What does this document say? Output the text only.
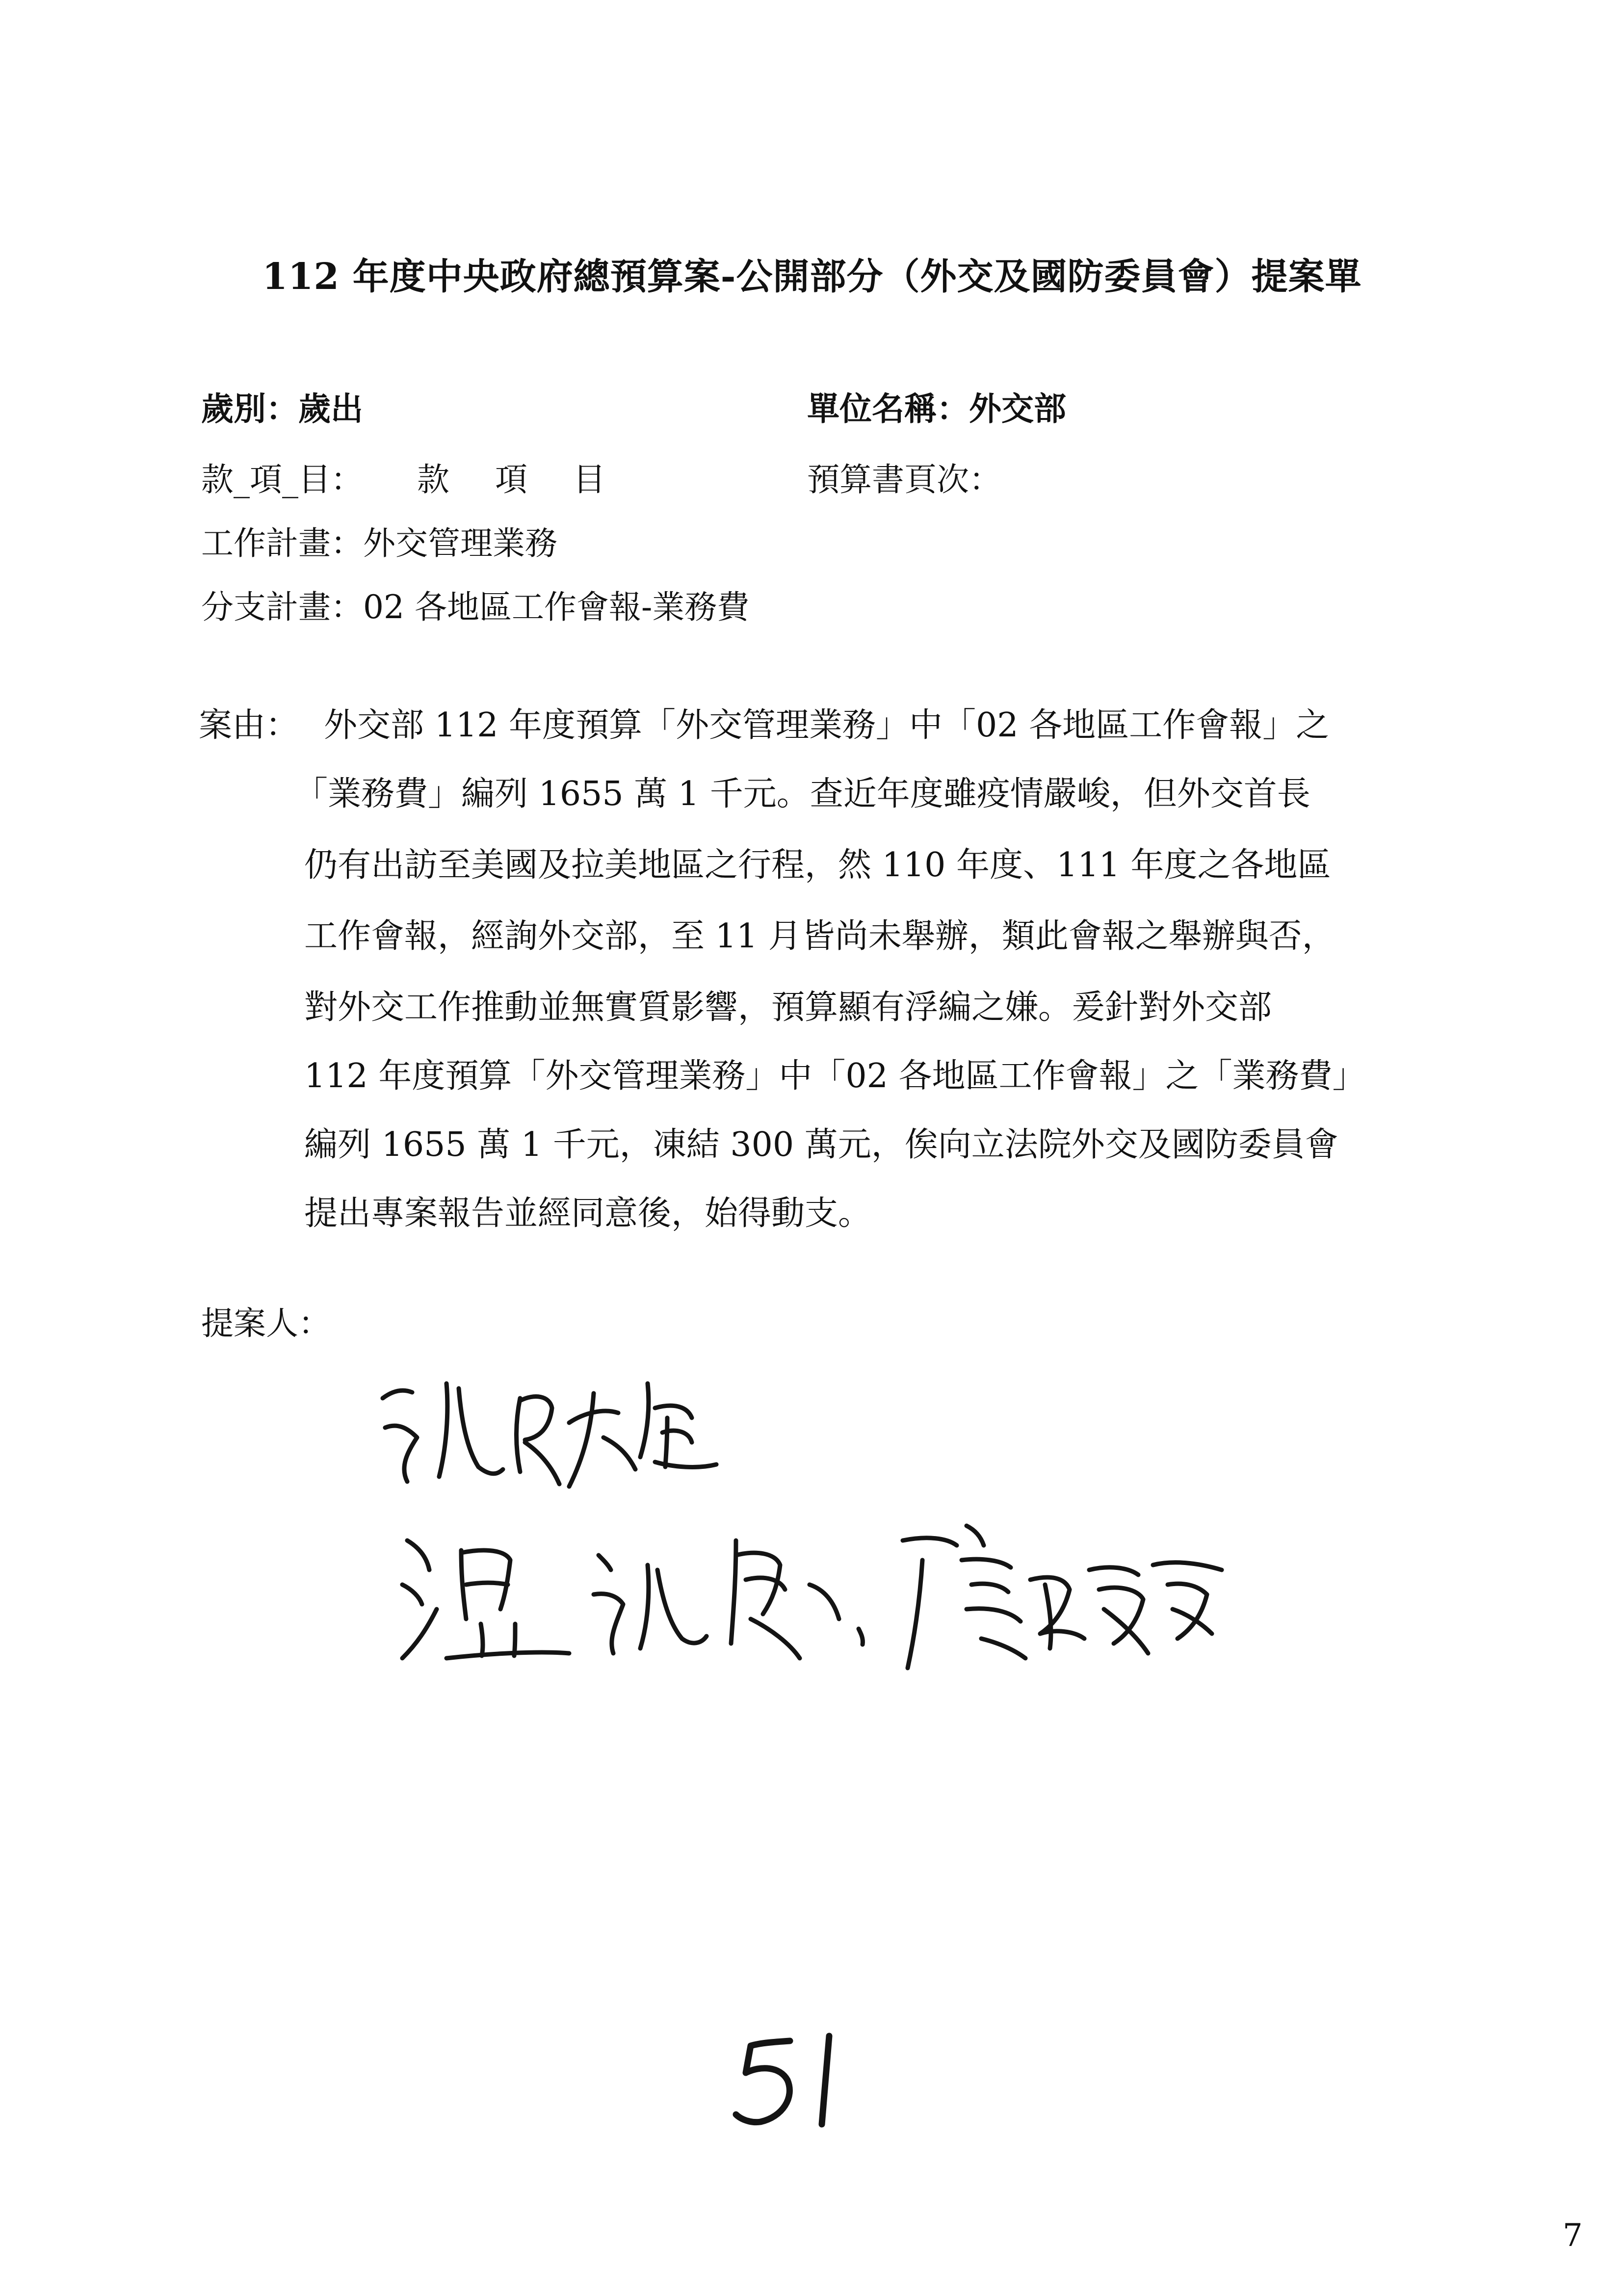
112 年度中央政府總預算案-公開部分（外交及國防委員會）提案單
歲別：歲出	單位名稱：外交部
款_項_目： 款 項 目	預算書頁次：
工作計畫：外交管理業務
分支計畫：02 各地區工作會報-業務費
案由： 外交部 112 年度預算「外交管理業務」中「02 各地區工作會報」之
「業務費」編列 1655 萬 1 千元。查近年度雖疫情嚴峻，但外交首長
仍有出訪至美國及拉美地區之行程，然 110 年度、111 年度之各地區
工作會報，經詢外交部，至 11 月皆尚未舉辦，類此會報之舉辦與否，
對外交工作推動並無實質影響，預算顯有浮編之嫌。爰針對外交部
112 年度預算「外交管理業務」中「02 各地區工作會報」之「業務費」
編列 1655 萬 1 千元，凍結 300 萬元，俟向立法院外交及國防委員會
提出專案報告並經同意後，始得動支。
提案人：
7
